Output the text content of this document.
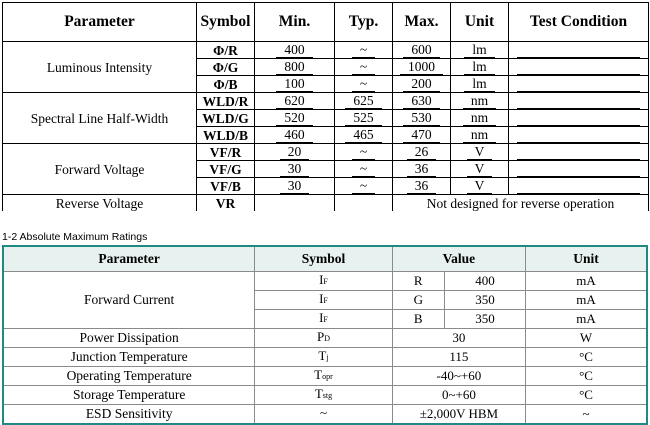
Parameter	Symbol	Min.	Typ.	Max.	Unit	Test Condition
Luminous Intensity	Φ/R	400	~	600	lm	

	Φ/G	800	~	1000	lm	

	Φ/B	100	~	200	lm	

Spectral Line Half-Width	WLD/R	620	625	630	nm	

	WLD/G	520	525	530	nm	

	WLD/B	460	465	470	nm	

Forward Voltage	VF/R	20	~	26	V	

	VF/G	30	~	36	V	

	VF/B	30	~	36	V	

Reverse Voltage	VR			Not designed for reverse operation		
1-2 Absolute Maximum Ratings
Parameter	Symbol	Value		Unit
Forward Current	IF	R	400	mA
	IF	G	350	mA
	IF	B	350	mA
Power Dissipation	PD	30		W
Junction Temperature	Tj	115		°C
Operating Temperature	Topr	-40~+60		°C
Storage Temperature	Tstg	0~+60		°C
ESD Sensitivity	~	±2,000V HBM		~
